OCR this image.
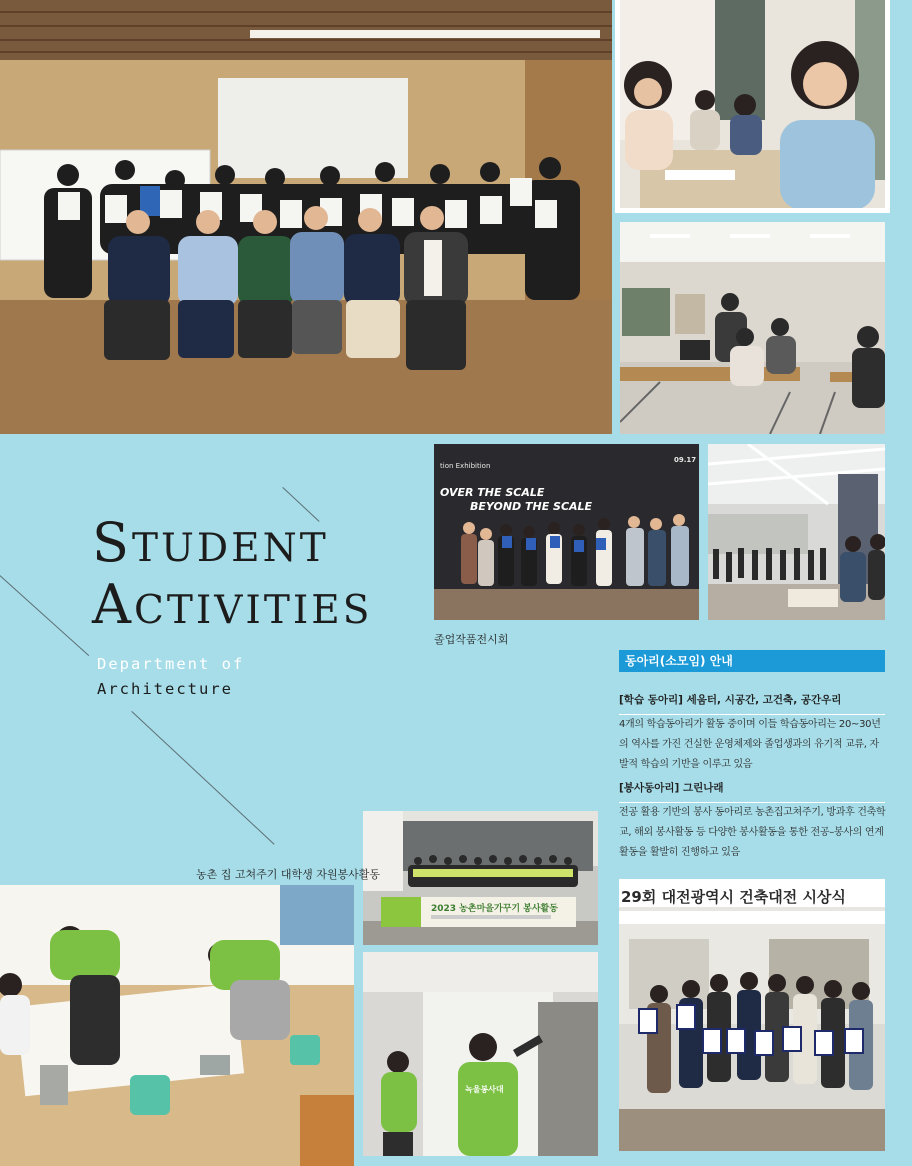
tion Exhibition
09.17
OVER THE SCALE
BEYOND THE SCALE
2023 농촌마을가꾸기 봉사활동
녹울봉사대
29회 대전광역시 건축대전 시상식
STUDENT
ACTIVITIES
Department of
Architecture
졸업작품전시회
농촌 집 고쳐주기 대학생 자원봉사활동
동아리(소모임) 안내
[학습 동아리] 세움터, 시공간, 고건축, 공간우리
4개의 학습동아리가 활동 중이며 이들 학습동아리는 20~30년의 역사를 가진 건실한 운영체제와 졸업생과의 유기적 교류, 자발적 학습의 기반을 이루고 있음
[봉사동아리] 그린나래
전공 활용 기반의 봉사 동아리로 농촌집고쳐주기, 방과후 건축학교, 해외 봉사활동 등 다양한 봉사활동을 통한 전공–봉사의 연계 활동을 활발히 진행하고 있음
